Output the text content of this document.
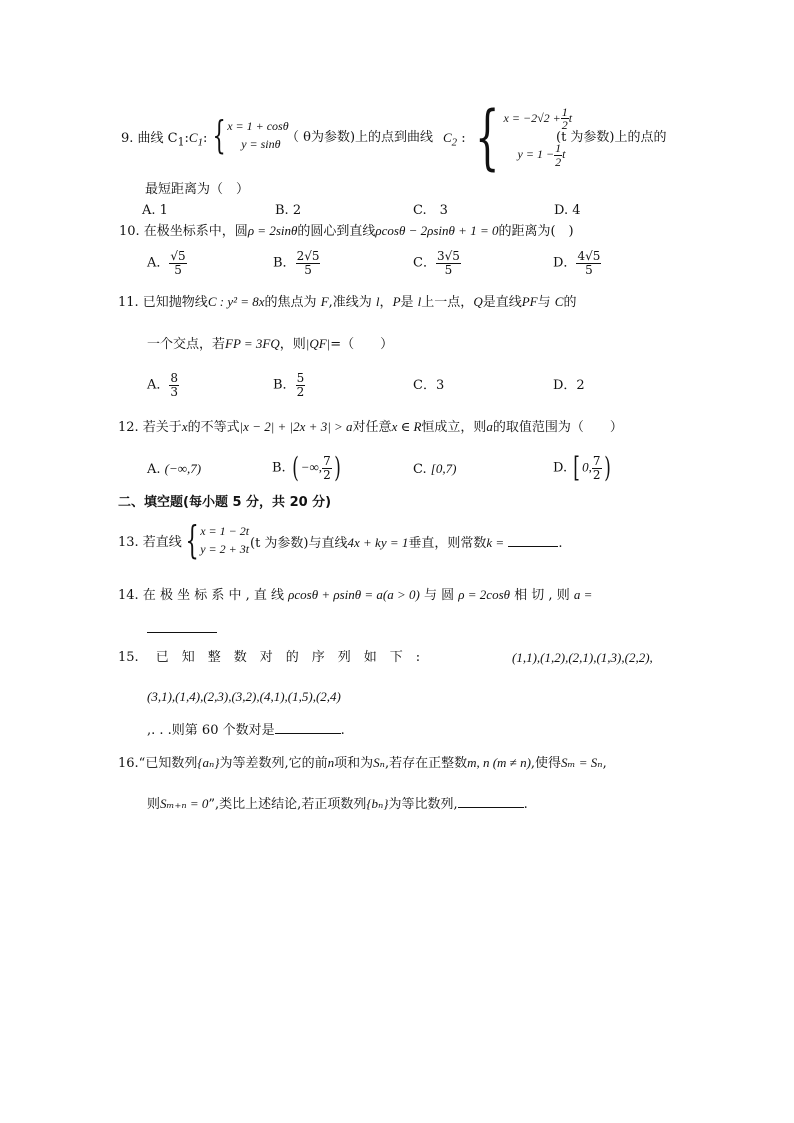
9. 曲线 $C_1:C_1$: { x = 1 + cosθ
y = sinθ （ θ为参数)上的点到曲线 $C_2$ : { $x = -2√2 + \frac{1}{2}$ t
$y = 1 - \frac{1}{2}$ t
(t 为参数)上的点的
最短距离为（　）
A. 1	B. 2	C.　3	D. 4
10. 在极坐标系中，圆ρ = 2sinθ的圆心到直线ρcosθ − 2ρsinθ + 1 = 0的距离为(　)
A． $\frac{√5}{5}$	B． $\frac{2√5}{5}$	C． $\frac{3√5}{5}$	D． $\frac{4√5}{5}$
11. 已知抛物线C : y² = 8x的焦点为 F,准线为 l，P是 l上一点，Q是直线PF与 C的
一个交点，若FP = 3FQ，则|QF|=（　　）
A． $\frac{8}{3}$	B． $\frac{5}{2}$	C．3	D．2
12. 若关于x的不等式|x − 2| + |2x + 3| > a对任意x ∈ R恒成立，则a的取值范围为（　　）
A. (−∞,7)	B. ( −∞, $\frac{7}{2}$ )	C. [0,7)	D. [ 0, $\frac{7}{2}$ )
二、填空题(每小题 5 分，共 20 分)
13. 若直线 { x = 1 − 2t
y = 2 + 3t (t 为参数)与直线4x + ky = 1垂直，则常数k =	.
14. 在 极 坐 标 系 中 , 直 线 ρcosθ + ρsinθ = a(a > 0) 与 圆 ρ = 2cosθ 相 切 , 则 a =
15.　 已　知　整　数　对　的　序　列　如　下　:	(1,1),(1,2),(2,1),(1,3),(2,2),
(3,1),(1,4),(2,3),(3,2),(4,1),(1,5),(2,4)
,. . .则第 60 个数对是	.
16.“已知数列{aₙ}为等差数列,它的前n项和为Sₙ,若存在正整数m, n (m ≠ n),使得Sₘ = Sₙ,
则Sₘ₊ₙ = 0”,类比上述结论,若正项数列{bₙ}为等比数列,	.
